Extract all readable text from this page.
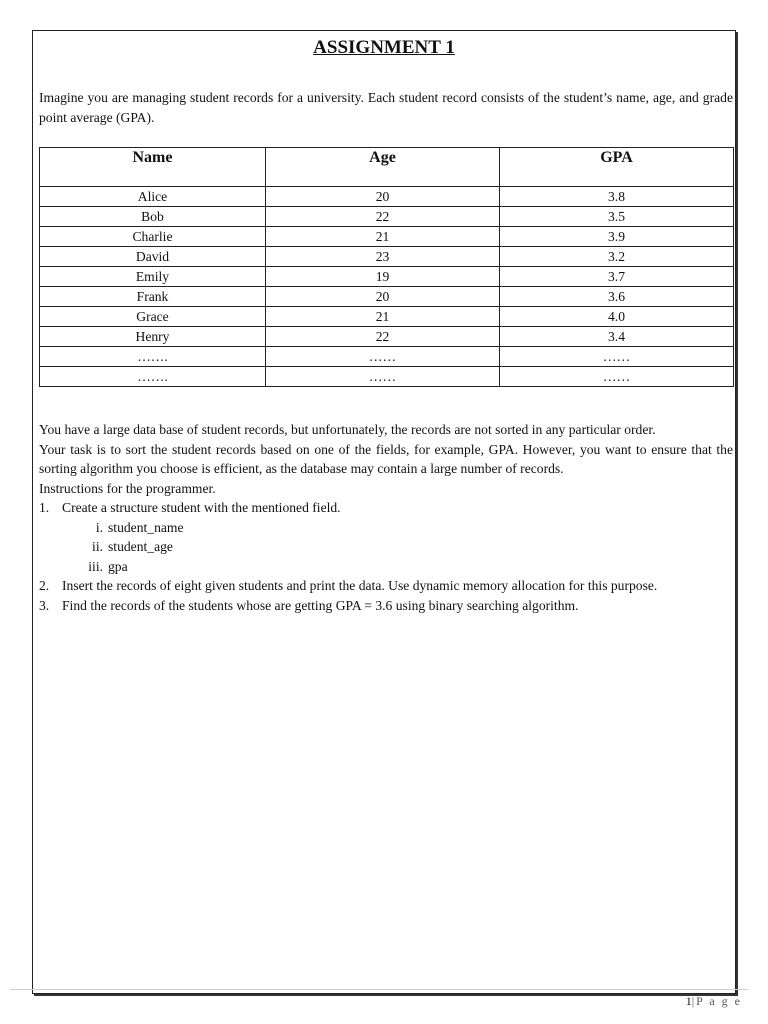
ASSIGNMENT 1
Imagine you are managing student records for a university. Each student record consists of the student’s name, age, and grade point average (GPA).
Name	Age	GPA
Alice	20	3.8
Bob	22	3.5
Charlie	21	3.9
David	23	3.2
Emily	19	3.7
Frank	20	3.6
Grace	21	4.0
Henry	22	3.4
…….	……	……
…….	……	……

You have a large data base of student records, but unfortunately, the records are not sorted in any particular order.

Your task is to sort the student records based on one of the fields, for example, GPA. However, you want to ensure that the sorting algorithm you choose is efficient, as the database may contain a large number of records.

Instructions for the programmer.

1. Create a structure student with the mentioned field.
i. student_name
ii. student_age
iii. gpa
2. Insert the records of eight given students and print the data. Use dynamic memory allocation for this purpose.
3. Find the records of the students whose are getting GPA = 3.6 using binary searching algorithm.
1|P a g e
